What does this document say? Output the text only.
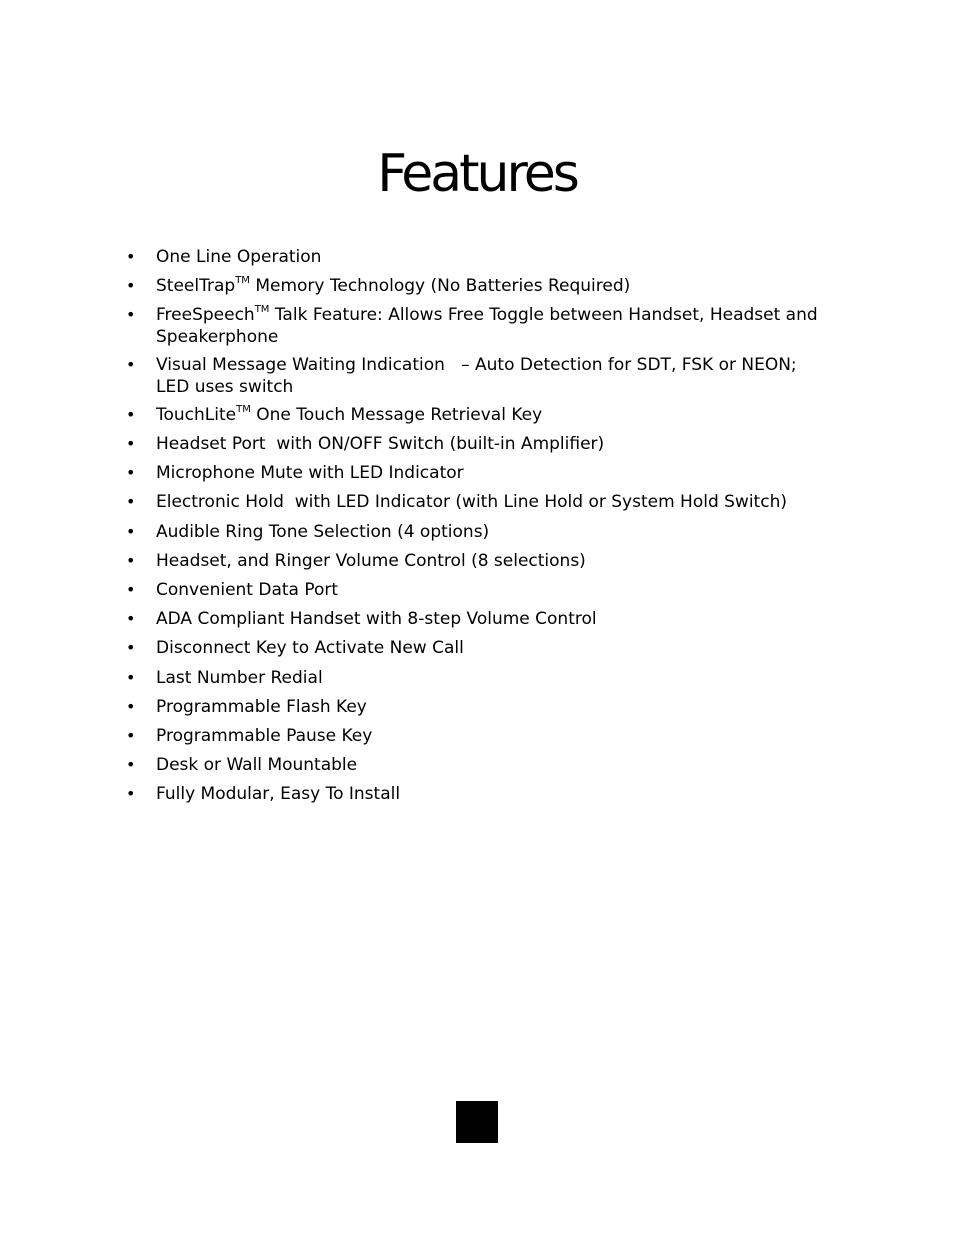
Features
• One Line Operation
• SteelTrap™ Memory Technology (No Batteries Required)
• FreeSpeech™ Talk Feature: Allows Free Toggle between Handset, Headset and Speakerphone
• Visual Message Waiting Indication   – Auto Detection for SDT, FSK or NEON; LED uses switch
• TouchLite™ One Touch Message Retrieval Key
• Headset Port  with ON/OFF Switch (built-in Amplifier)
• Microphone Mute with LED Indicator
• Electronic Hold  with LED Indicator (with Line Hold or System Hold Switch)
• Audible Ring Tone Selection (4 options)
• Headset, and Ringer Volume Control (8 selections)
• Convenient Data Port
• ADA Compliant Handset with 8-step Volume Control
• Disconnect Key to Activate New Call
• Last Number Redial
• Programmable Flash Key
• Programmable Pause Key
• Desk or Wall Mountable
• Fully Modular, Easy To Install
